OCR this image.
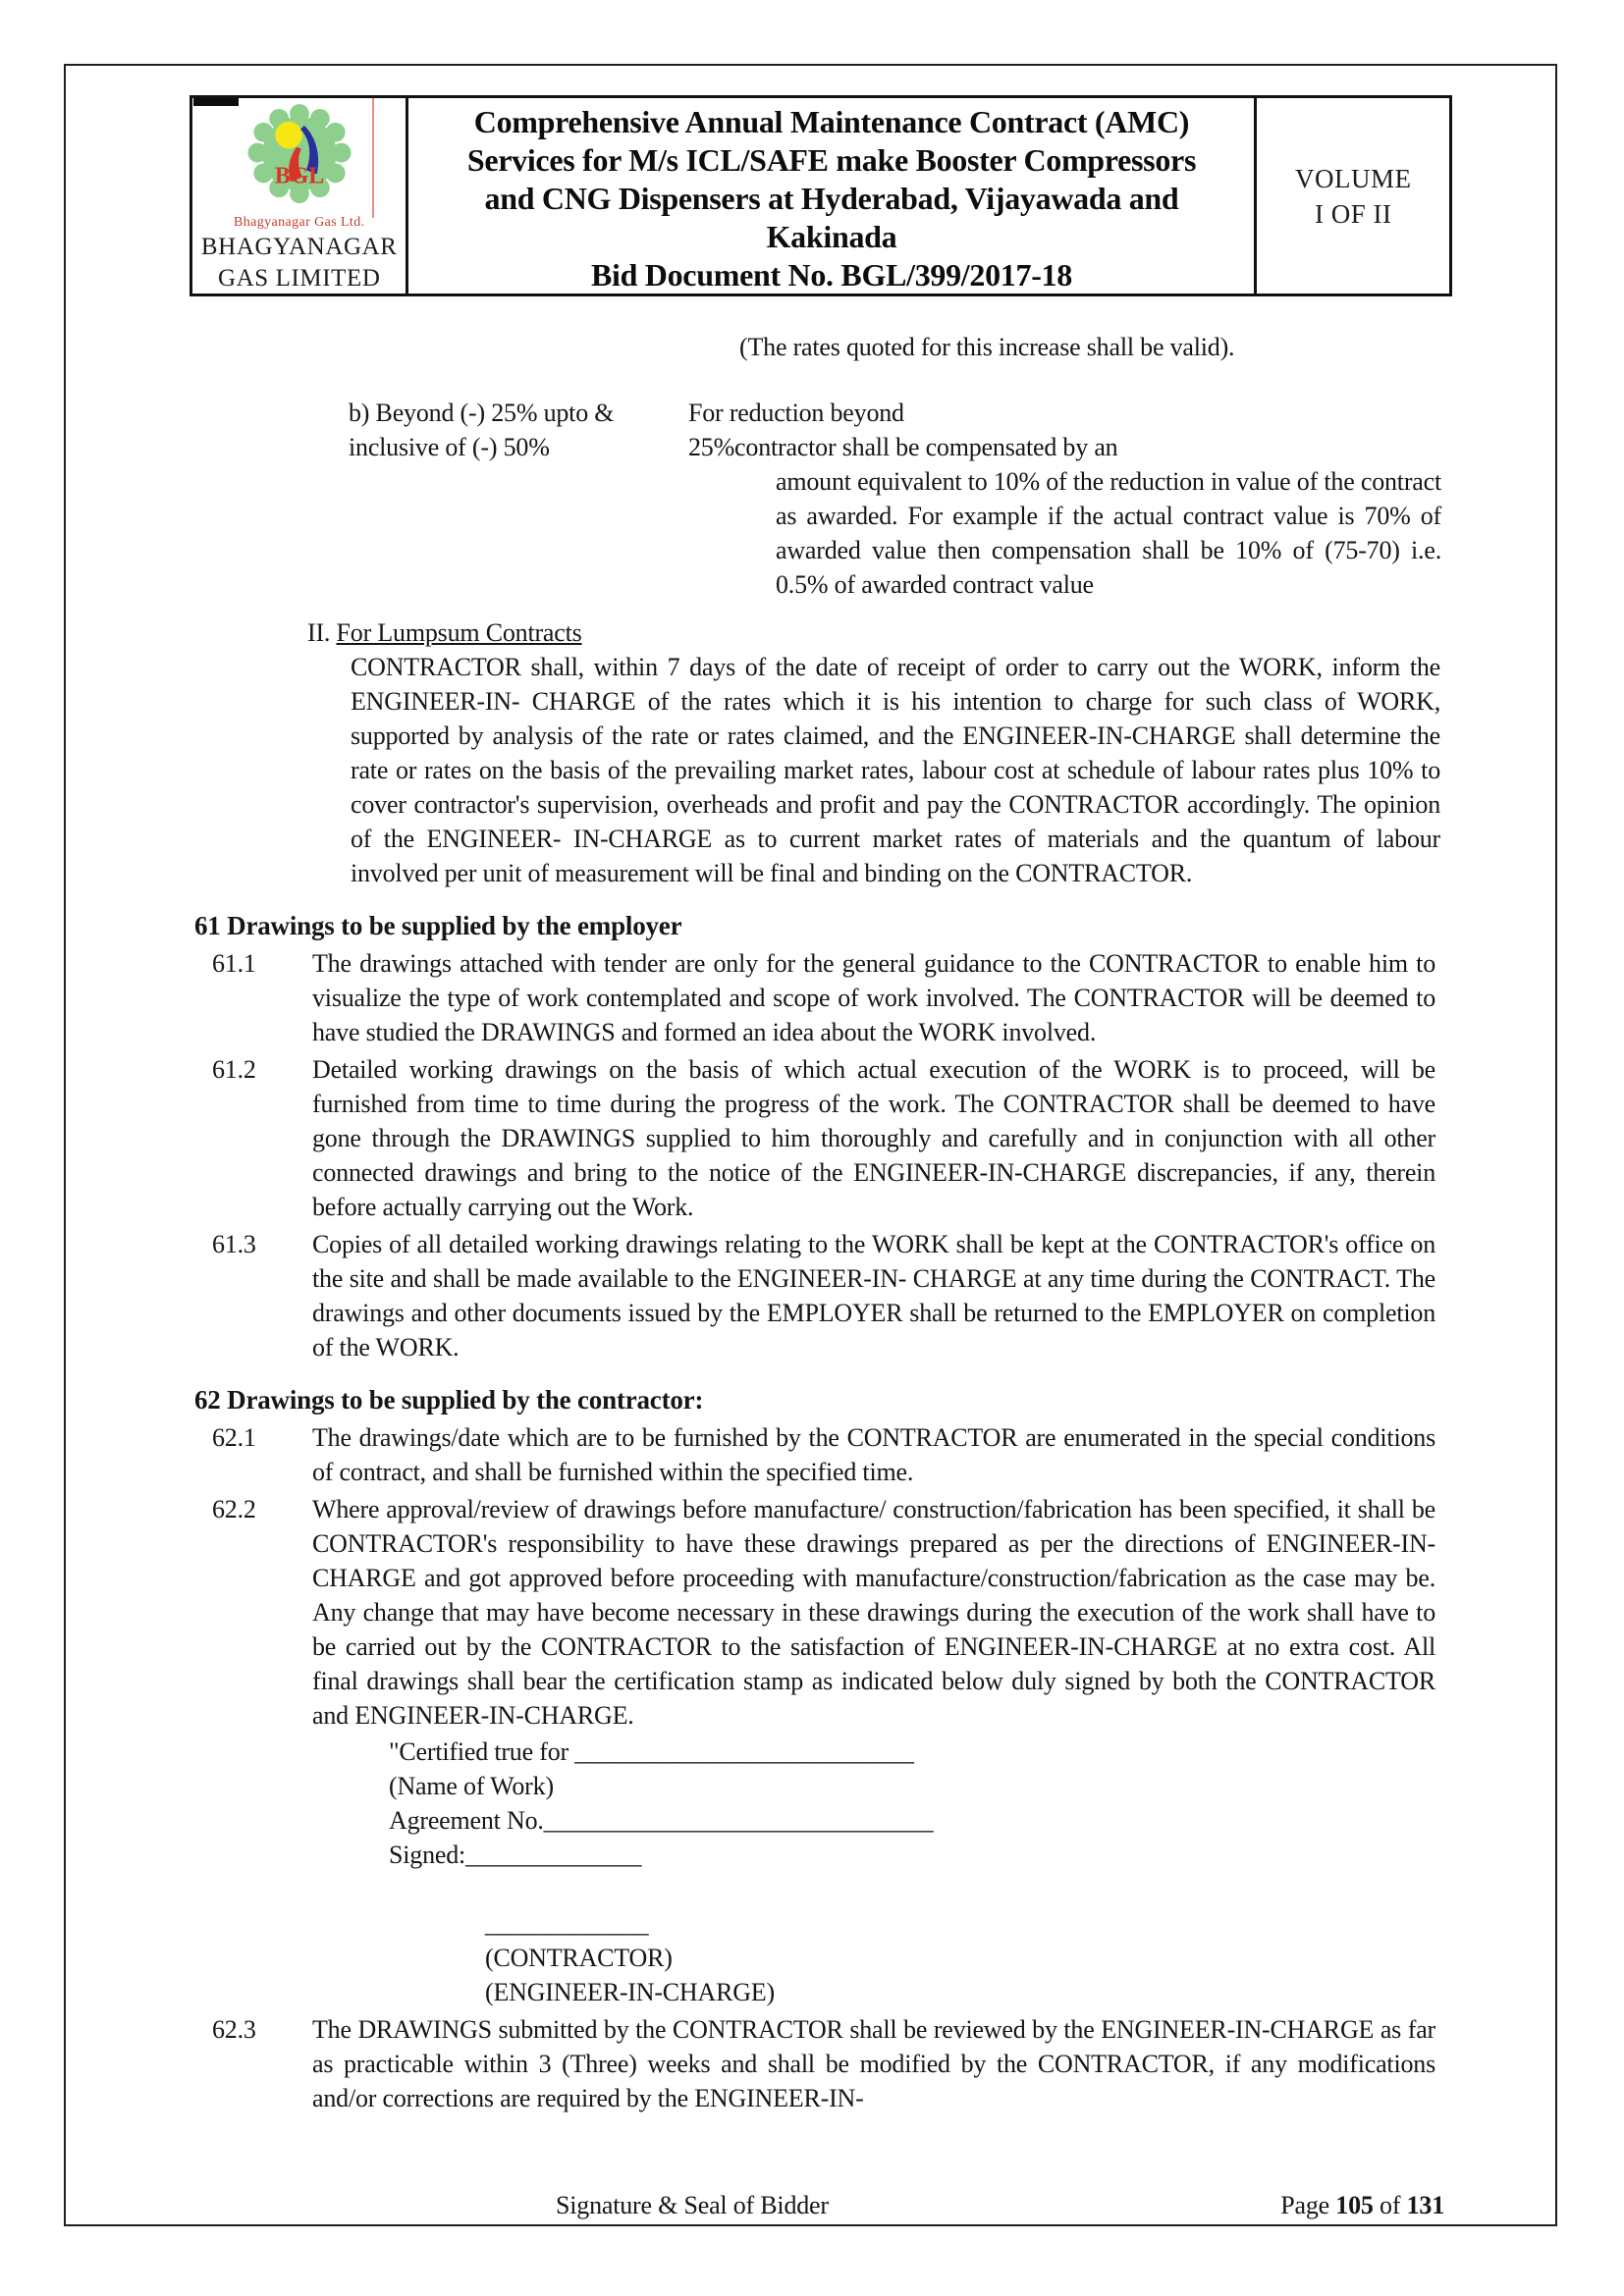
BGL
Bhagyanagar Gas Ltd.
BHAGYANAGAR
GAS LIMITED
Comprehensive Annual Maintenance Contract (AMC)
Services for M/s ICL/SAFE make Booster Compressors
and CNG Dispensers at Hyderabad, Vijayawada and
Kakinada
Bid Document No. BGL/399/2017-18
VOLUME
I OF II
(The rates quoted for this increase shall be valid).
b) Beyond (-) 25% upto &
inclusive of (-) 50%
For reduction beyond
25%contractor shall be compensated by an
amount equivalent to 10% of the reduction in value of the contract as awarded. For example if the actual contract value is 70% of awarded value then compensation shall be 10% of (75-70) i.e. 0.5% of awarded contract value
II. For Lumpsum Contracts
CONTRACTOR shall, within 7 days of the date of receipt of order to carry out the WORK, inform the ENGINEER-IN- CHARGE of the rates which it is his intention to charge for such class of WORK, supported by analysis of the rate or rates claimed, and the ENGINEER-IN-CHARGE shall determine the rate or rates on the basis of the prevailing market rates, labour cost at schedule of labour rates plus 10% to cover contractor's supervision, overheads and profit and pay the CONTRACTOR accordingly. The opinion of the ENGINEER- IN-CHARGE as to current market rates of materials and the quantum of labour involved per unit of measurement will be final and binding on the CONTRACTOR.
61 Drawings to be supplied by the employer
61.1	The drawings attached with tender are only for the general guidance to the CONTRACTOR to enable him to visualize the type of work contemplated and scope of work involved. The CONTRACTOR will be deemed to have studied the DRAWINGS and formed an idea about the WORK involved.
61.2	Detailed working drawings on the basis of which actual execution of the WORK is to proceed, will be furnished from time to time during the progress of the work. The CONTRACTOR shall be deemed to have gone through the DRAWINGS supplied to him thoroughly and carefully and in conjunction with all other connected drawings and bring to the notice of the ENGINEER-IN-CHARGE discrepancies, if any, therein before actually carrying out the Work.
61.3	Copies of all detailed working drawings relating to the WORK shall be kept at the CONTRACTOR's office on the site and shall be made available to the ENGINEER-IN- CHARGE at any time during the CONTRACT. The drawings and other documents issued by the EMPLOYER shall be returned to the EMPLOYER on completion of the WORK.
62 Drawings to be supplied by the contractor:
62.1	The drawings/date which are to be furnished by the CONTRACTOR are enumerated in the special conditions of contract, and shall be furnished within the specified time.
62.2	Where approval/review of drawings before manufacture/ construction/fabrication has been specified, it shall be CONTRACTOR's responsibility to have these drawings prepared as per the directions of ENGINEER-IN-CHARGE and got approved before proceeding with manufacture/construction/fabrication as the case may be. Any change that may have become necessary in these drawings during the execution of the work shall have to be carried out by the CONTRACTOR to the satisfaction of ENGINEER-IN-CHARGE at no extra cost. All final drawings shall bear the certification stamp as indicated below duly signed by both the CONTRACTOR and ENGINEER-IN-CHARGE.
"Certified true for ___________________________
(Name of Work)
Agreement No._______________________________
Signed:______________
_____________
(CONTRACTOR)
(ENGINEER-IN-CHARGE)
62.3	The DRAWINGS submitted by the CONTRACTOR shall be reviewed by the ENGINEER-IN-CHARGE as far as practicable within 3 (Three) weeks and shall be modified by the CONTRACTOR, if any modifications and/or corrections are required by the ENGINEER-IN-
Signature & Seal of Bidder	Page 105 of 131
